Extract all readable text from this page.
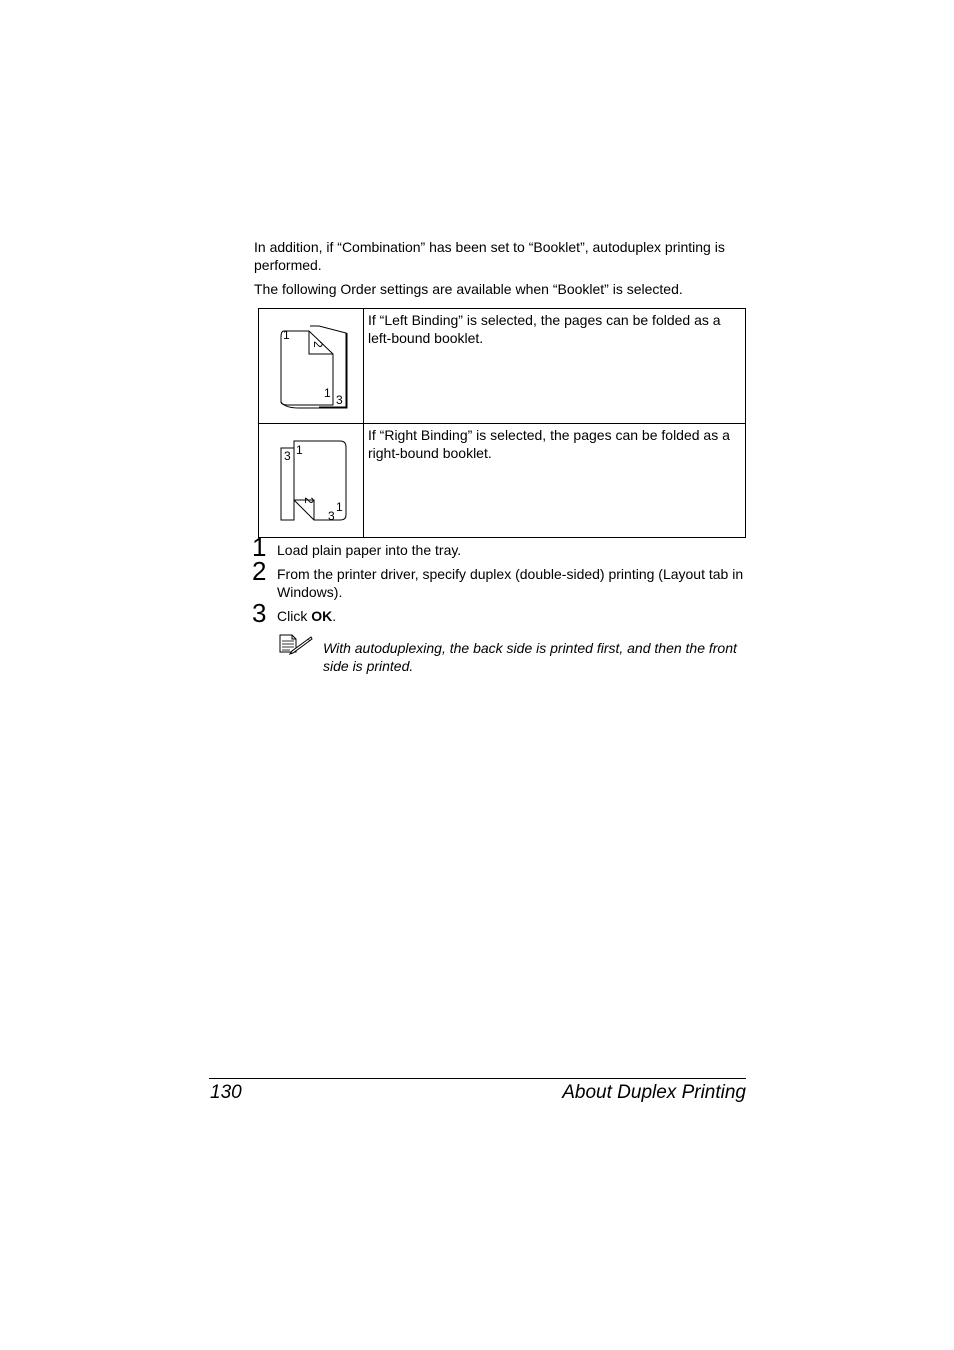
In addition, if “Combination” has been set to “Booklet”, autoduplex printing is performed.

The following Order settings are available when “Booklet” is selected.

1
2
1 3	If “Left Binding” is selected, the pages can be folded as a left-bound booklet.

3 1
2 1
3	If “Right Binding” is selected, the pages can be folded as a right-bound booklet.
1 Load plain paper into the tray.
2 From the printer driver, specify duplex (double-sided) printing (Layout tab in Windows).
3 Click OK.
With autoduplexing, the back side is printed first, and then the front side is printed.
130	About Duplex Printing
